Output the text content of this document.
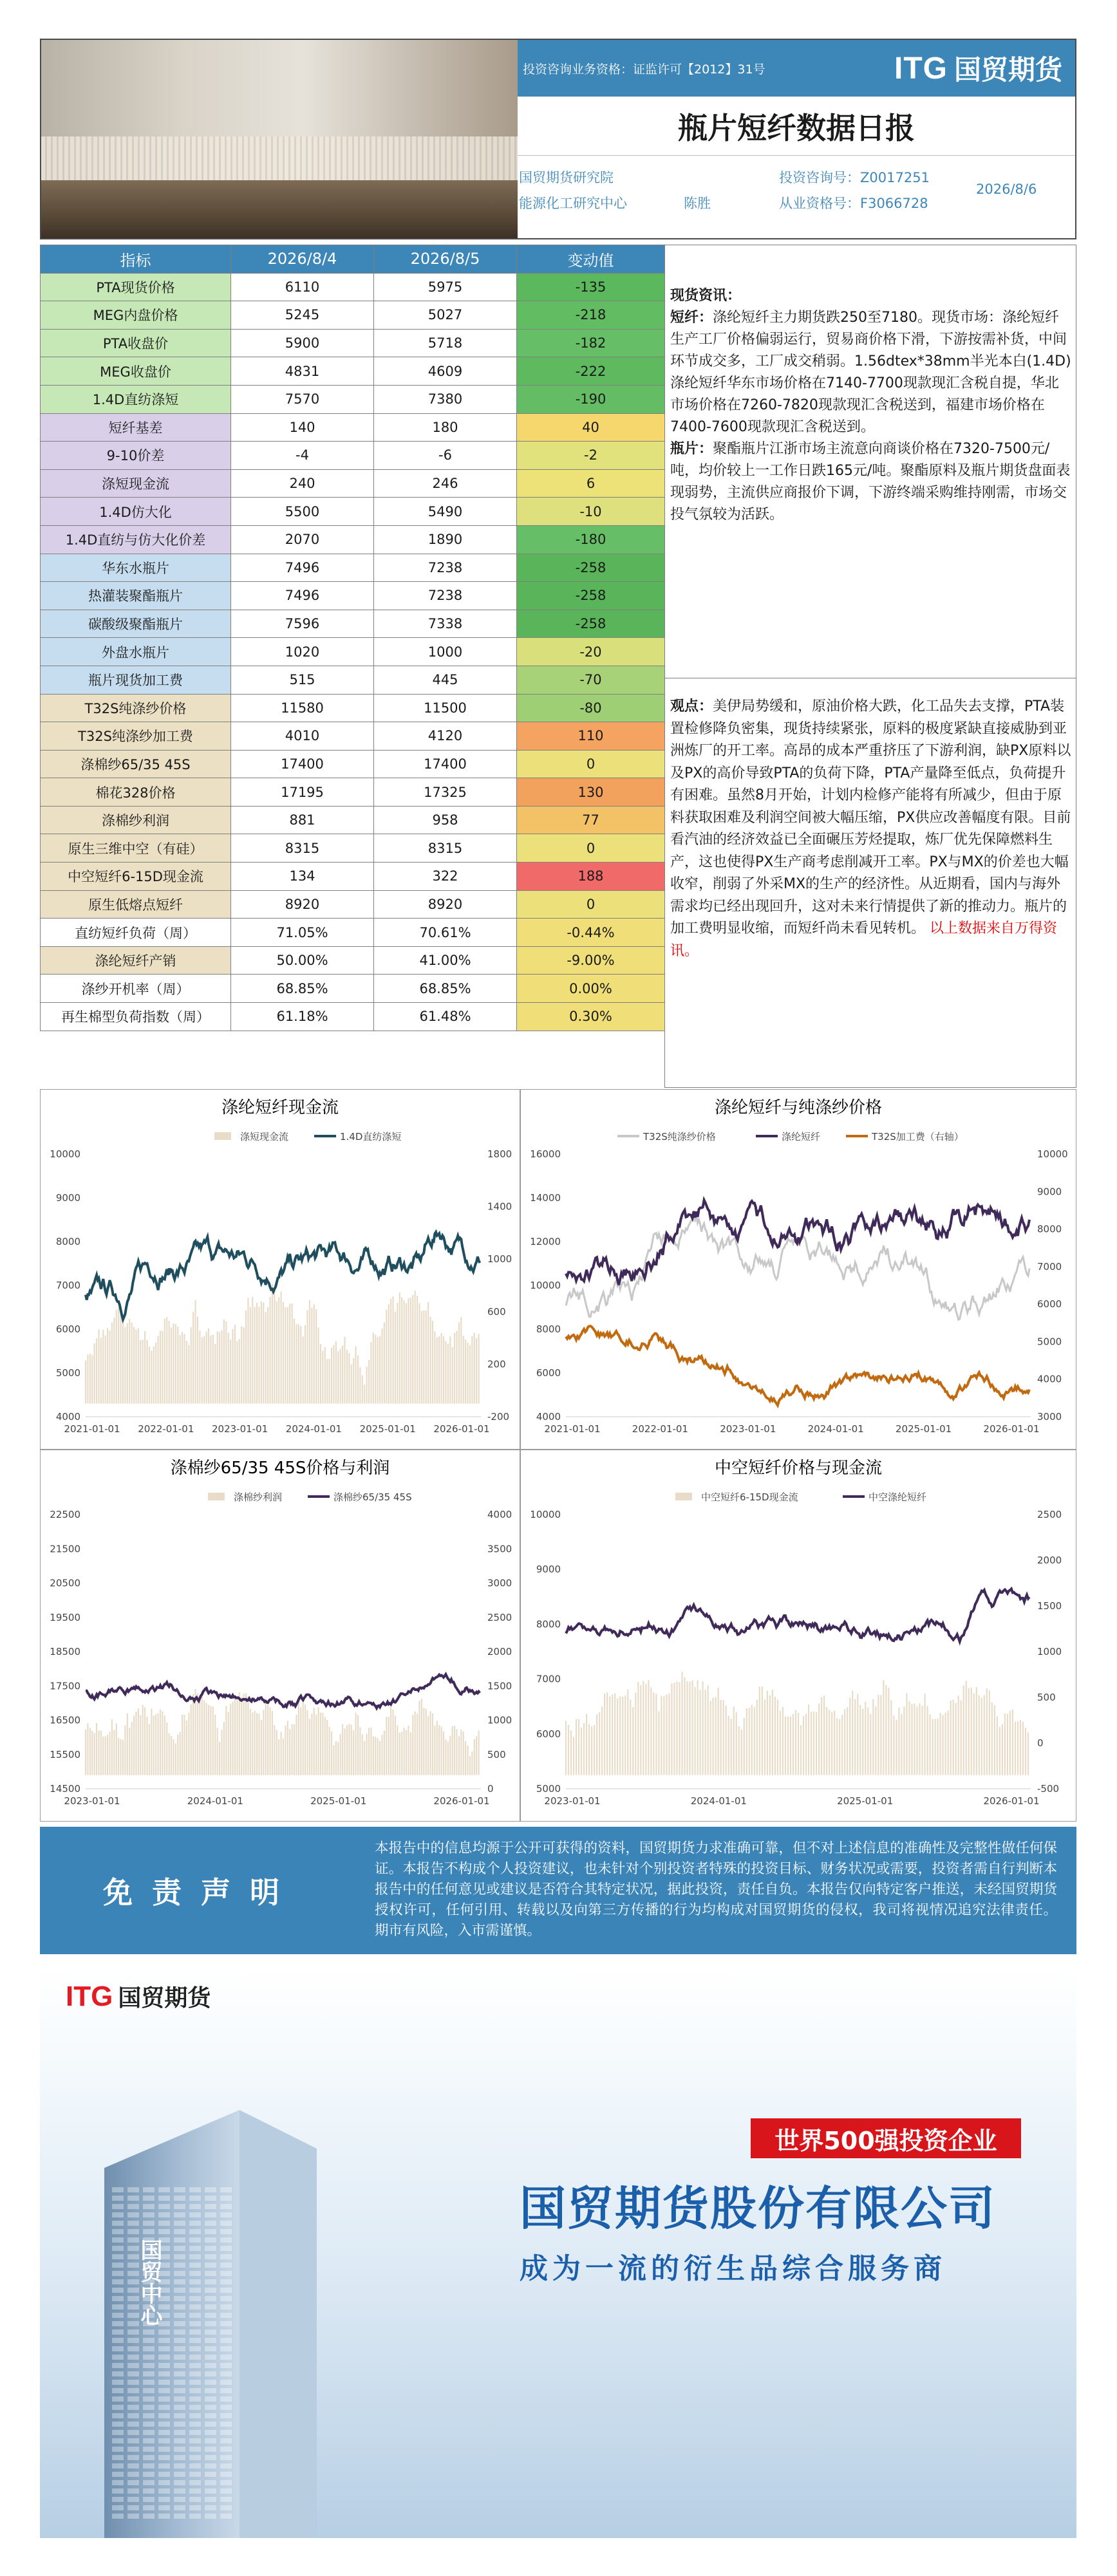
投资咨询业务资格：证监许可【2012】31号	ITG 国贸期货
瓶片短纤数据日报
国贸期货研究院
能源化工研究中心	陈胜
投资咨询号：Z0017251
从业资格号：F3066728
2026/8/6
指标	2026/8/4	2026/8/5	变动值
PTA现货价格	6110	5975	-135
MEG内盘价格	5245	5027	-218
PTA收盘价	5900	5718	-182
MEG收盘价	4831	4609	-222
1.4D直纺涤短	7570	7380	-190
短纤基差	140	180	40
9-10价差	-4	-6	-2
涤短现金流	240	246	6
1.4D仿大化	5500	5490	-10
1.4D直纺与仿大化价差	2070	1890	-180
华东水瓶片	7496	7238	-258
热灌装聚酯瓶片	7496	7238	-258
碳酸级聚酯瓶片	7596	7338	-258
外盘水瓶片	1020	1000	-20
瓶片现货加工费	515	445	-70
T32S纯涤纱价格	11580	11500	-80
T32S纯涤纱加工费	4010	4120	110
涤棉纱65/35 45S	17400	17400	0
棉花328价格	17195	17325	130
涤棉纱利润	881	958	77
原生三维中空（有硅）	8315	8315	0
中空短纤6-15D现金流	134	322	188
原生低熔点短纤	8920	8920	0
直纺短纤负荷（周）	71.05%	70.61%	-0.44%
涤纶短纤产销	50.00%	41.00%	-9.00%
涤纱开机率（周）	68.85%	68.85%	0.00%
再生棉型负荷指数（周）	61.18%	61.48%	0.30%
现货资讯：
短纤：涤纶短纤主力期货跌250至7180。现货市场：涤纶短纤生产工厂价格偏弱运行，贸易商价格下滑，下游按需补货，中间环节成交多，工厂成交稍弱。1.56dtex*38mm半光本白(1.4D)涤纶短纤华东市场价格在7140-7700现款现汇含税自提，华北市场价格在7260-7820现款现汇含税送到，福建市场价格在7400-7600现款现汇含税送到。
瓶片：聚酯瓶片江浙市场主流意向商谈价格在7320-7500元/吨，均价较上一工作日跌165元/吨。聚酯原料及瓶片期货盘面表现弱势，主流供应商报价下调，下游终端采购维持刚需，市场交投气氛较为活跃。
观点：美伊局势缓和，原油价格大跌，化工品失去支撑，PTA装置检修降负密集，现货持续紧张，原料的极度紧缺直接威胁到亚洲炼厂的开工率。高昂的成本严重挤压了下游利润，缺PX原料以及PX的高价导致PTA的负荷下降，PTA产量降至低点，负荷提升有困难。虽然8月开始，计划内检修产能将有所减少，但由于原料获取困难及利润空间被大幅压缩，PX供应改善幅度有限。目前看汽油的经济效益已全面碾压芳烃提取，炼厂优先保障燃料生产，这也使得PX生产商考虑削减开工率。PX与MX的价差也大幅收窄，削弱了外采MX的生产的经济性。从近期看，国内与海外需求均已经出现回升，这对未来行情提供了新的推动力。瓶片的加工费明显收缩，而短纤尚未看见转机。 以上数据来自万得资讯。
涤纶短纤现金流
涤短现金流	1.4D直纺涤短
10000
9000
8000
7000
6000
5000
4000
1800
1400
1000
600
200
-200
2021-01-01 2022-01-01 2023-01-01 2024-01-01 2025-01-01 2026-01-01
涤纶短纤与纯涤纱价格
T32S纯涤纱价格	涤纶短纤	T32S加工费（右轴）
16000
14000
12000
10000
8000
6000
4000
10000
9000
8000
7000
6000
5000
4000
3000
2021-01-01	2022-01-01	2023-01-01	2024-01-01	2025-01-01	2026-01-01
涤棉纱65/35 45S价格与利润
涤棉纱利润	涤棉纱65/35 45S
22500
21500
20500
19500
18500
17500
16500
15500
14500
4000
3500
3000
2500
2000
1500
1000
500
0
2023-01-01	2024-01-01	2025-01-01	2026-01-01
中空短纤价格与现金流
中空短纤6-15D现金流	中空涤纶短纤
10000
9000
8000
7000
6000
5000
2500
2000
1500
1000
500
0
-500
2023-01-01	2024-01-01	2025-01-01	2026-01-01
免责声明
本报告中的信息均源于公开可获得的资料，国贸期货力求准确可靠，但不对上述信息的准确性及完整性做任何保证。本报告不构成个人投资建议，也未针对个别投资者特殊的投资目标、财务状况或需要，投资者需自行判断本报告中的任何意见或建议是否符合其特定状况，据此投资，责任自负。本报告仅向特定客户推送，未经国贸期货授权许可，任何引用、转载以及向第三方传播的行为均构成对国贸期货的侵权，我司将视情况追究法律责任。 期市有风险，入市需谨慎。
ITG 国贸期货
国贸中心
世界500强投资企业
国贸期货股份有限公司
成为一流的衍生品综合服务商
